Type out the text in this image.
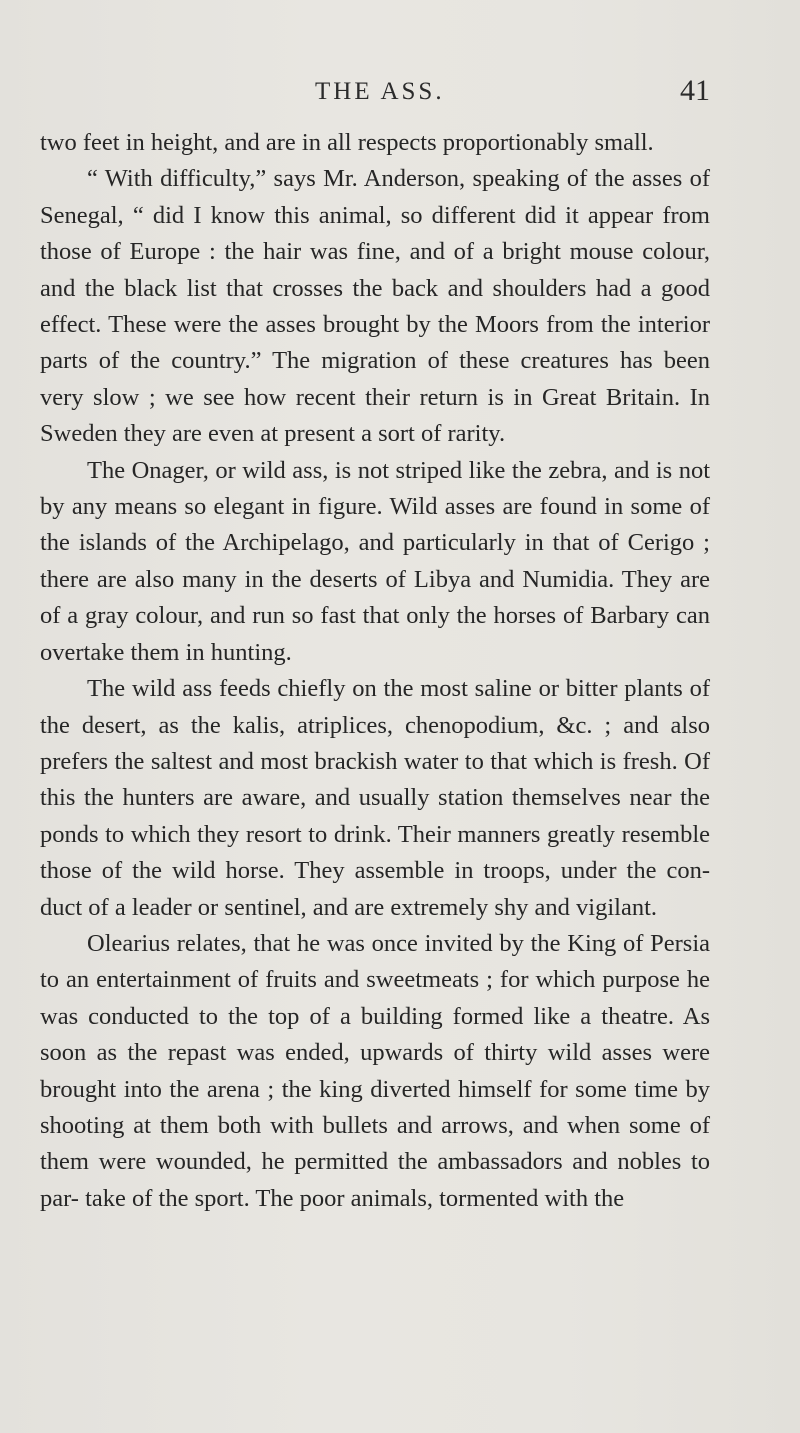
THE ASS.	41

two feet in height, and are in all respects proportionably small.

“ With difficulty,” says Mr. Anderson, speaking of the asses of Senegal, “ did I know this animal, so different did it appear from those of Europe : the hair was fine, and of a bright mouse colour, and the black list that crosses the back and shoulders had a good effect. These were the asses brought by the Moors from the interior parts of the country.” The migration of these creatures has been very slow ; we see how recent their return is in Great Britain. In Sweden they are even at present a sort of rarity.

The Onager, or wild ass, is not striped like the zebra, and is not by any means so elegant in figure. Wild asses are found in some of the islands of the Archipelago, and particularly in that of Cerigo ; there are also many in the deserts of Libya and Numidia. They are of a gray colour, and run so fast that only the horses of Barbary can overtake them in hunting.

The wild ass feeds chiefly on the most saline or bitter plants of the desert, as the kalis, atriplices, chenopodium, &c. ; and also prefers the saltest and most brackish water to that which is fresh. Of this the hunters are aware, and usually station themselves near the ponds to which they resort to drink. Their manners greatly resemble those of the wild horse. They assemble in troops, under the con- duct of a leader or sentinel, and are extremely shy and vigilant.

Olearius relates, that he was once invited by the King of Persia to an entertainment of fruits and sweetmeats ; for which purpose he was conducted to the top of a building formed like a theatre. As soon as the repast was ended, upwards of thirty wild asses were brought into the arena ; the king diverted himself for some time by shooting at them both with bullets and arrows, and when some of them were wounded, he permitted the ambassadors and nobles to par- take of the sport. The poor animals, tormented with the
